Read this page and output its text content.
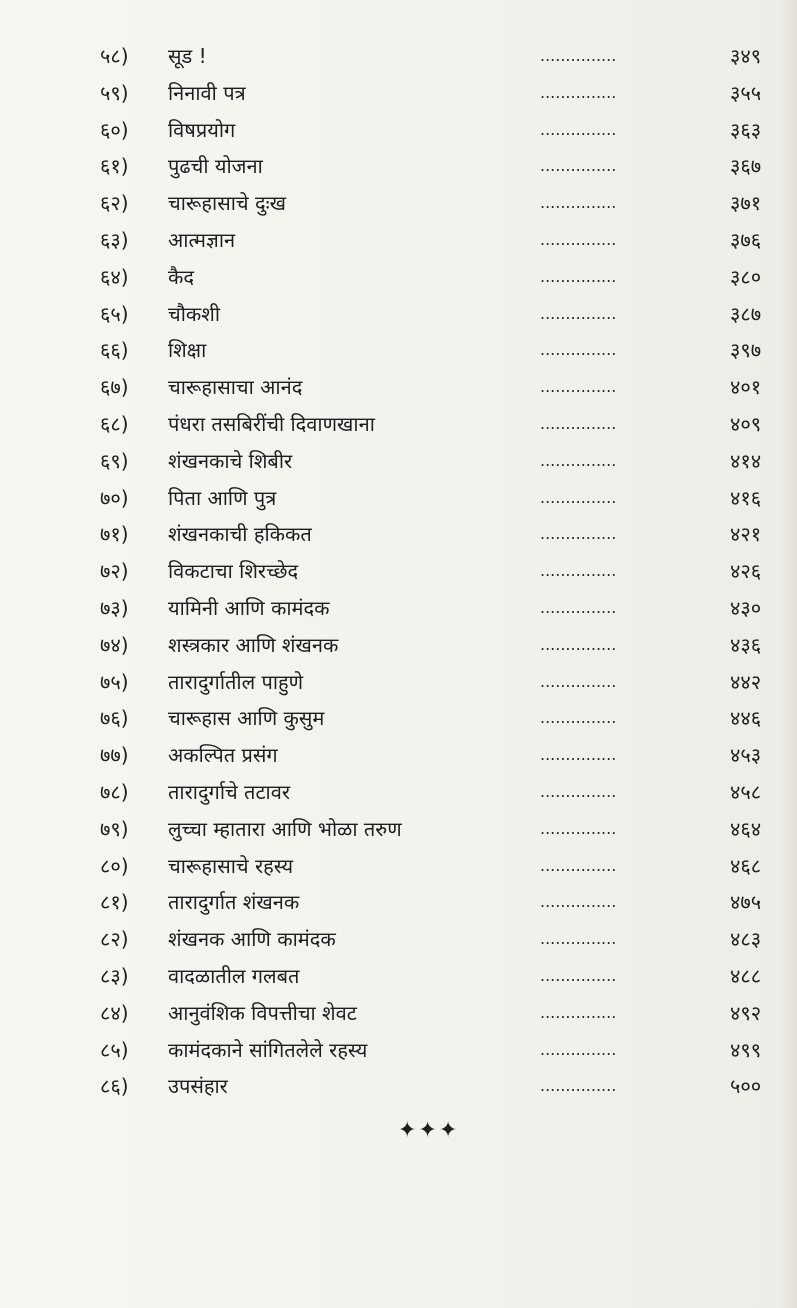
५८)	सूड !	...............	३४९
५९)	निनावी पत्र	...............	३५५
६०)	विषप्रयोग	...............	३६३
६१)	पुढची योजना	...............	३६७
६२)	चारूहासाचे दुःख	...............	३७१
६३)	आत्मज्ञान	...............	३७६
६४)	कैद	...............	३८०
६५)	चौकशी	...............	३८७
६६)	शिक्षा	...............	३९७
६७)	चारूहासाचा आनंद	...............	४०१
६८)	पंधरा तसबिरींची दिवाणखाना	...............	४०९
६९)	शंखनकाचे शिबीर	...............	४१४
७०)	पिता आणि पुत्र	...............	४१६
७१)	शंखनकाची हकिकत	...............	४२१
७२)	विकटाचा शिरच्छेद	...............	४२६
७३)	यामिनी आणि कामंदक	...............	४३०
७४)	शस्त्रकार आणि शंखनक	...............	४३६
७५)	तारादुर्गातील पाहुणे	...............	४४२
७६)	चारूहास आणि कुसुम	...............	४४६
७७)	अकल्पित प्रसंग	...............	४५३
७८)	तारादुर्गाचे तटावर	...............	४५८
७९)	लुच्चा म्हातारा आणि भोळा तरुण	...............	४६४
८०)	चारूहासाचे रहस्य	...............	४६८
८१)	तारादुर्गात शंखनक	...............	४७५
८२)	शंखनक आणि कामंदक	...............	४८३
८३)	वादळातील गलबत	...............	४८८
८४)	आनुवंशिक विपत्तीचा शेवट	...............	४९२
८५)	कामंदकाने सांगितलेले रहस्य	...............	४९९
८६)	उपसंहार	...............	५००
✦✦✦
